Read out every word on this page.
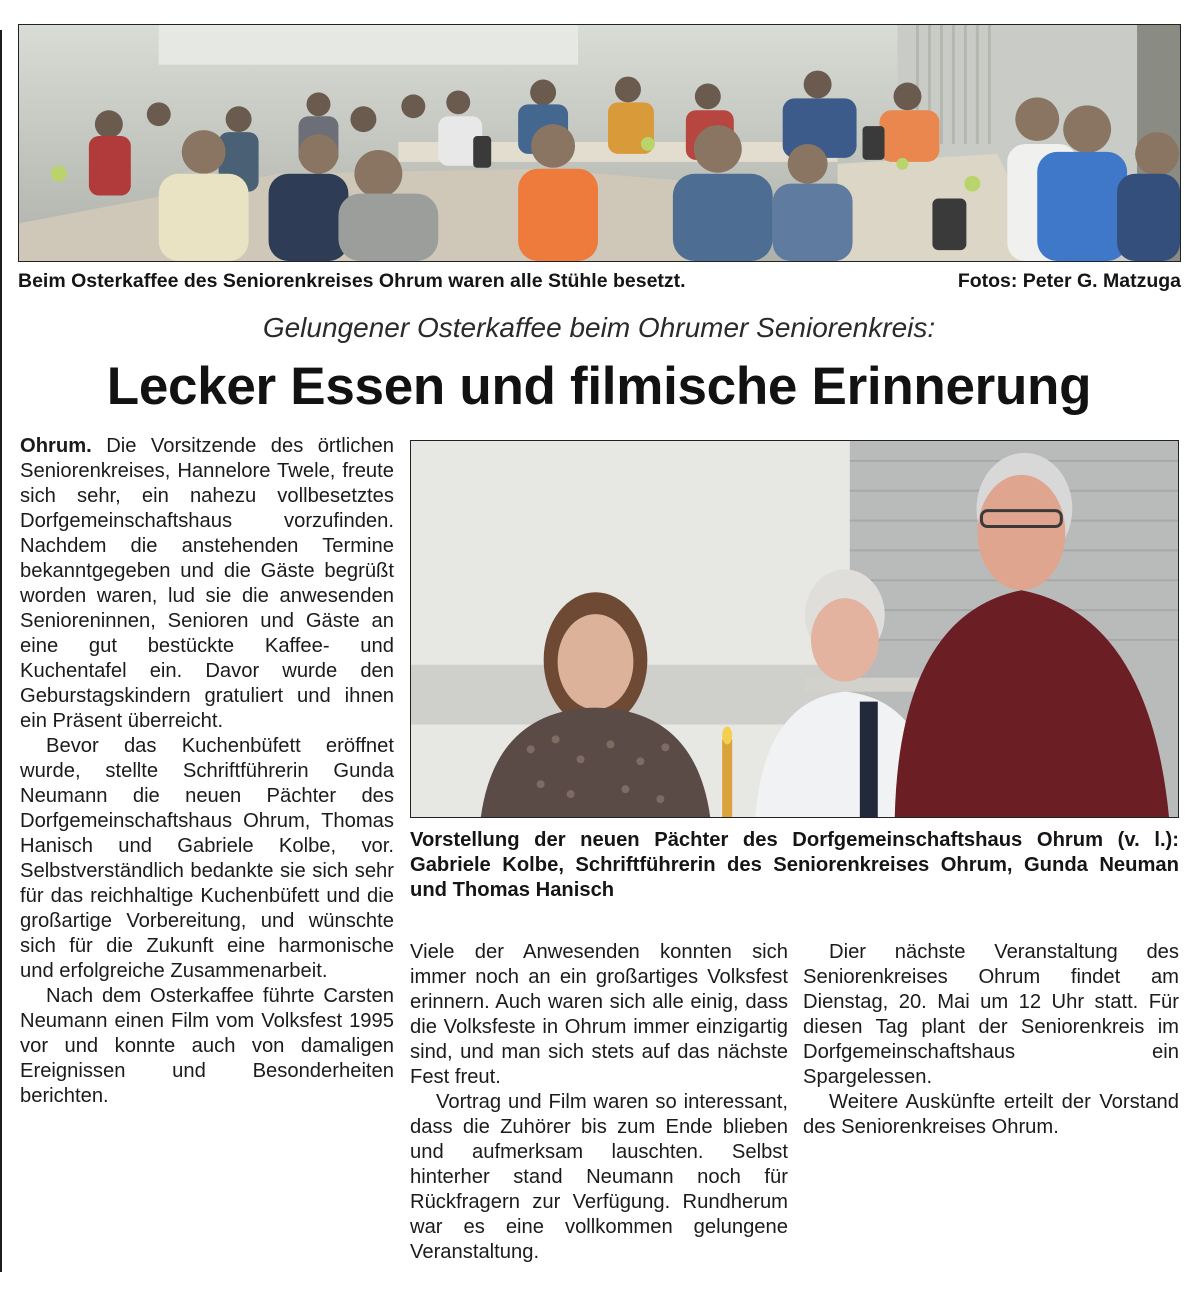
Beim Osterkaffee des Seniorenkreises Ohrum waren alle Stühle besetzt.	Fotos: Peter G. Matzuga
Gelungener Osterkaffee beim Ohrumer Seniorenkreis:
Lecker Essen und filmische Erinnerung

Ohrum. Die Vorsitzende des örtlichen Seniorenkreises, Hannelore Twele, freute sich sehr, ein nahezu vollbesetztes Dorfgemeinschaftshaus vorzufinden. Nachdem die anstehenden Termine bekanntgegeben und die Gäste begrüßt worden waren, lud sie die anwesenden Senioreninnen, Senioren und Gäste an eine gut bestückte Kaffee- und Kuchentafel ein. Davor wurde den Geburstagskindern gratuliert und ihnen ein Präsent überreicht.

Bevor das Kuchenbüfett eröffnet wurde, stellte Schriftführerin Gunda Neumann die neuen Pächter des Dorfgemeinschaftshaus Ohrum, Thomas Hanisch und Gabriele Kolbe, vor. Selbstverständlich bedankte sie sich sehr für das reichhaltige Kuchenbüfett und die großartige Vorbereitung, und wünschte sich für die Zukunft eine harmonische und erfolgreiche Zusammenarbeit.

Nach dem Osterkaffee führte Carsten Neumann einen Film vom Volksfest 1995 vor und konnte auch von damaligen Ereignissen und Besonderheiten berichten.

Vorstellung der neuen Pächter des Dorfgemeinschaftshaus Ohrum (v. l.): Gabriele Kolbe, Schriftführerin des Seniorenkreises Ohrum, Gunda Neuman und Thomas Hanisch

Viele der Anwesenden konnten sich immer noch an ein großartiges Volksfest erinnern. Auch waren sich alle einig, dass die Volksfeste in Ohrum immer einzigartig sind, und man sich stets auf das nächste Fest freut.

Vortrag und Film waren so interessant, dass die Zuhörer bis zum Ende blieben und aufmerksam lauschten. Selbst hinterher stand Neumann noch für Rückfragern zur Verfügung. Rundherum war es eine vollkommen gelungene Veranstaltung.

Dier nächste Veranstaltung des Seniorenkreises Ohrum findet am Dienstag, 20. Mai um 12 Uhr statt. Für diesen Tag plant der Seniorenkreis im Dorfgemeinschaftshaus ein Spargelessen.

Weitere Auskünfte erteilt der Vorstand des Seniorenkreises Ohrum.
